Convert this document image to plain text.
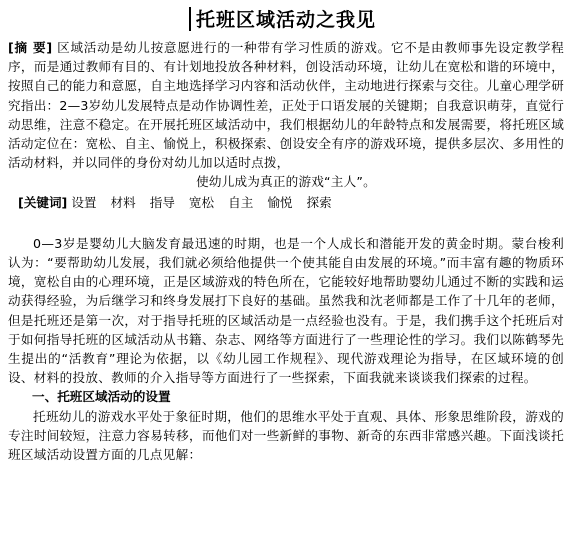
托班区域活动之我见

[摘 要] 区域活动是幼儿按意愿进行的一种带有学习性质的游戏。它不是由教师事先设定教学程序，而是通过教师有目的、有计划地投放各种材料，创设活动环境，让幼儿在宽松和谐的环境中，按照自己的能力和意愿，自主地选择学习内容和活动伙伴，主动地进行探索与交往。儿童心理学研究指出：2—3岁幼儿发展特点是动作协调性差，正处于口语发展的关键期；自我意识萌芽，直觉行动思维，注意不稳定。在开展托班区域活动中，我们根据幼儿的年龄特点和发展需要，将托班区域活动定位在：宽松、自主、愉悦上，积极探索、创设安全有序的游戏环境，提供多层次、多用性的活动材料，并以同伴的身份对幼儿加以适时点拨，

使幼儿成为真正的游戏“主人”。

[关键词] 设置 材料 指导 宽松 自主 愉悦 探索

0—3岁是婴幼儿大脑发育最迅速的时期，也是一个人成长和潜能开发的黄金时期。蒙台梭利认为：“要帮助幼儿发展，我们就必须给他提供一个使其能自由发展的环境。”而丰富有趣的物质环境，宽松自由的心理环境，正是区域游戏的特色所在，它能较好地帮助婴幼儿通过不断的实践和运动获得经验，为后继学习和终身发展打下良好的基础。虽然我和沈老师都是工作了十几年的老师，但是托班还是第一次，对于指导托班的区域活动是一点经验也没有。于是，我们携手这个托班后对于如何指导托班的区域活动从书籍、杂志、网络等方面进行了一些理论性的学习。我们以陈鹤琴先生提出的“活教育”理论为依据，以《幼儿园工作规程》、现代游戏理论为指导，在区域环境的创设、材料的投放、教师的介入指导等方面进行了一些探索，下面我就来谈谈我们探索的过程。

一、托班区域活动的设置

托班幼儿的游戏水平处于象征时期，他们的思维水平处于直观、具体、形象思维阶段，游戏的专注时间较短，注意力容易转移，而他们对一些新鲜的事物、新奇的东西非常感兴趣。下面浅谈托班区域活动设置方面的几点见解：
